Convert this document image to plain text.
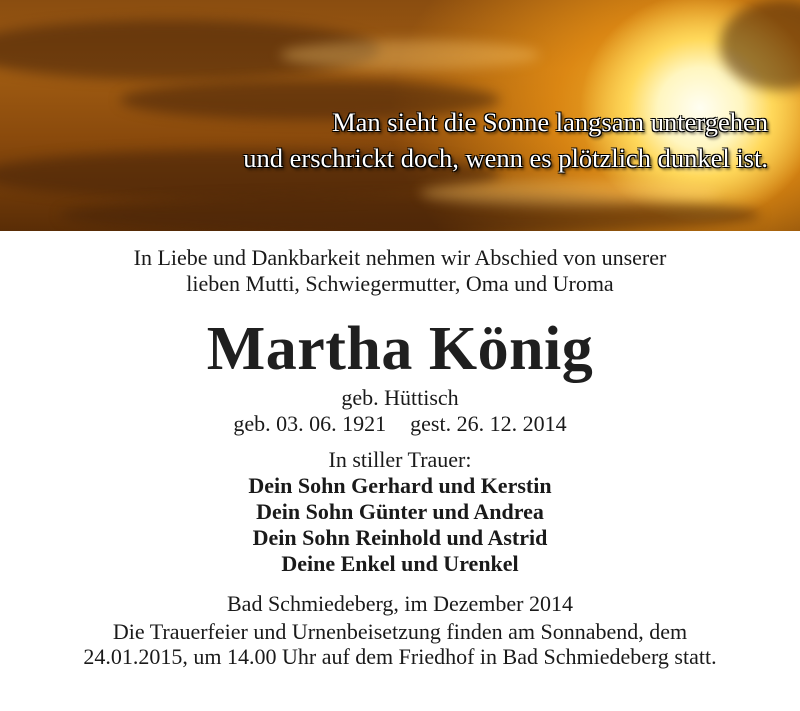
Man sieht die Sonne langsam untergehen
und erschrickt doch, wenn es plötzlich dunkel ist.
In Liebe und Dankbarkeit nehmen wir Abschied von unserer
lieben Mutti, Schwiegermutter, Oma und Uroma
Martha König
geb. Hüttisch
geb. 03. 06. 1921 gest. 26. 12. 2014
In stiller Trauer:
Dein Sohn Gerhard und Kerstin
Dein Sohn Günter und Andrea
Dein Sohn Reinhold und Astrid
Deine Enkel und Urenkel
Bad Schmiedeberg, im Dezember 2014
Die Trauerfeier und Urnenbeisetzung finden am Sonnabend, dem
24.01.2015, um 14.00 Uhr auf dem Friedhof in Bad Schmiedeberg statt.
